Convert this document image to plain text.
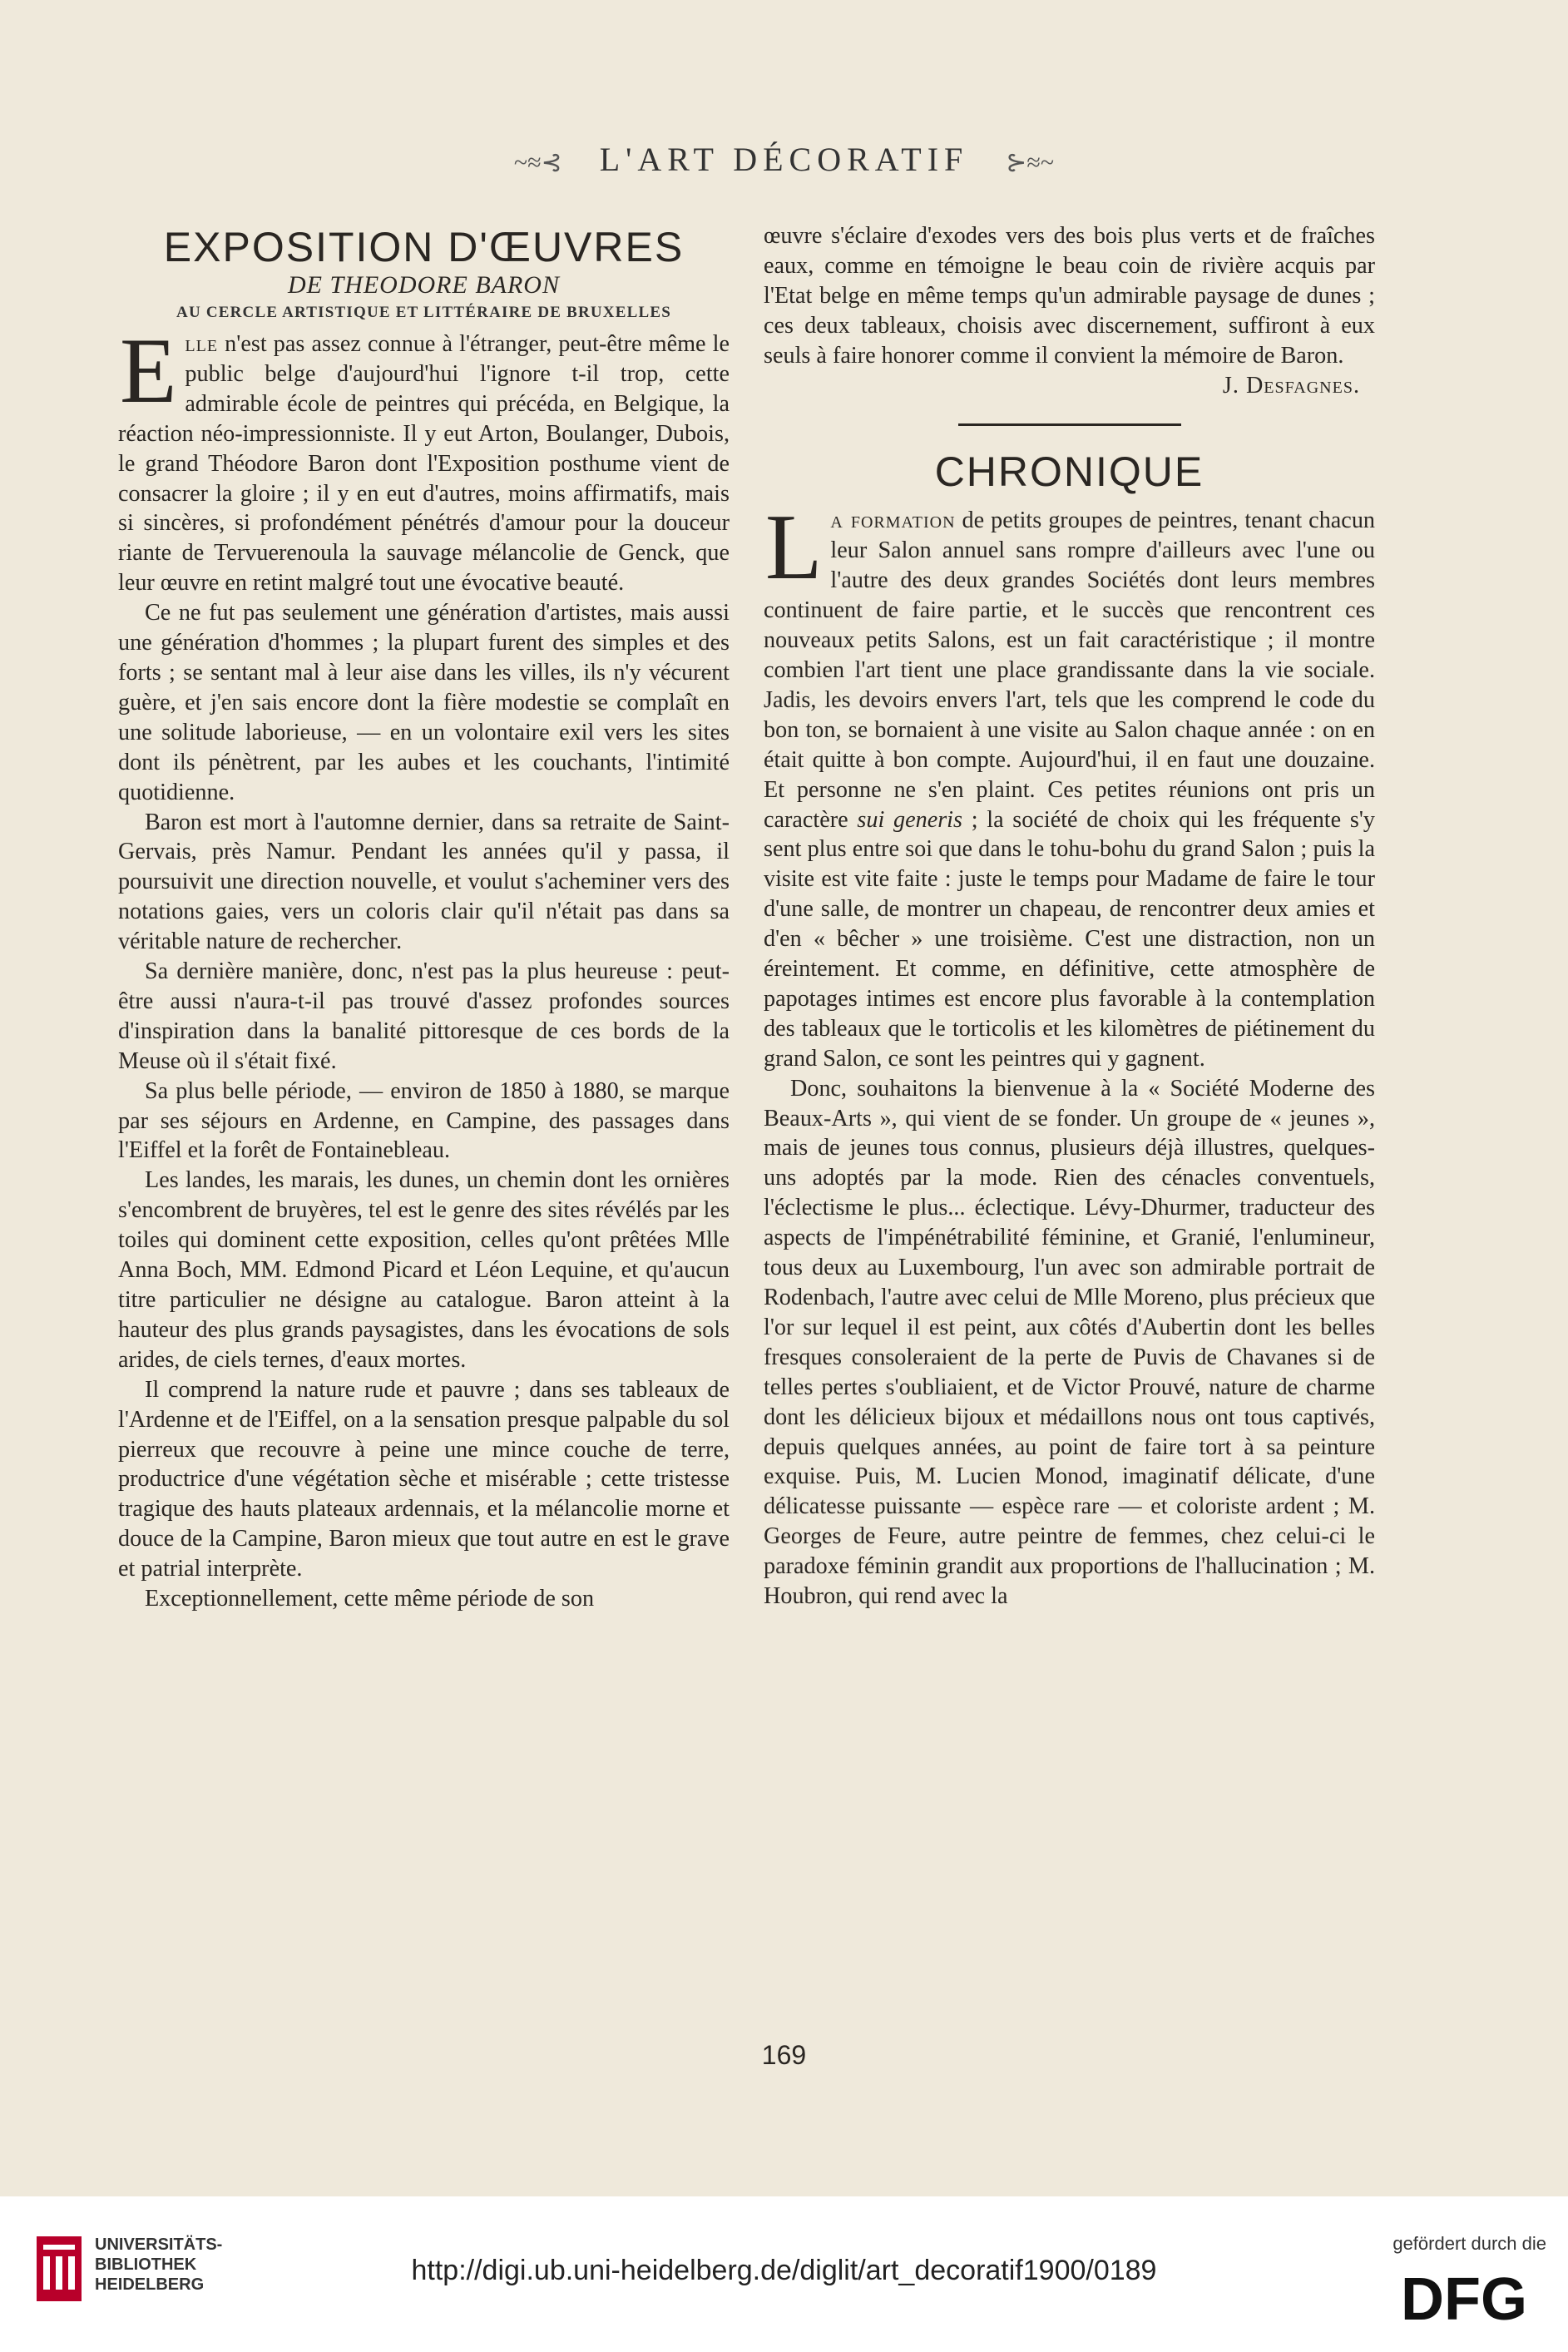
~≈⊰ L'ART DÉCORATIF ⊱≈~
EXPOSITION D'ŒUVRES
DE THEODORE BARON
AU CERCLE ARTISTIQUE ET LITTÉRAIRE DE BRUXELLES

Elle n'est pas assez connue à l'étranger, peut-être même le public belge d'aujourd'hui l'ignore t-il trop, cette admirable école de peintres qui précéda, en Belgique, la réaction néo-impressionniste. Il y eut Arton, Boulanger, Dubois, le grand Théodore Baron dont l'Exposition posthume vient de consacrer la gloire ; il y en eut d'autres, moins affirmatifs, mais si sincères, si profondément pénétrés d'amour pour la douceur riante de Tervuerenoula la sauvage mélancolie de Genck, que leur œuvre en retint malgré tout une évocative beauté.

Ce ne fut pas seulement une génération d'artistes, mais aussi une génération d'hommes ; la plupart furent des simples et des forts ; se sentant mal à leur aise dans les villes, ils n'y vécurent guère, et j'en sais encore dont la fière modestie se complaît en une solitude laborieuse, — en un volontaire exil vers les sites dont ils pénètrent, par les aubes et les couchants, l'intimité quotidienne.

Baron est mort à l'automne dernier, dans sa retraite de Saint-Gervais, près Namur. Pendant les années qu'il y passa, il poursuivit une direction nouvelle, et voulut s'acheminer vers des notations gaies, vers un coloris clair qu'il n'était pas dans sa véritable nature de rechercher.

Sa dernière manière, donc, n'est pas la plus heureuse : peut-être aussi n'aura-t-il pas trouvé d'assez profondes sources d'inspiration dans la banalité pittoresque de ces bords de la Meuse où il s'était fixé.

Sa plus belle période, — environ de 1850 à 1880, se marque par ses séjours en Ardenne, en Campine, des passages dans l'Eiffel et la forêt de Fontainebleau.

Les landes, les marais, les dunes, un chemin dont les ornières s'encombrent de bruyères, tel est le genre des sites révélés par les toiles qui dominent cette exposition, celles qu'ont prêtées Mlle Anna Boch, MM. Edmond Picard et Léon Lequine, et qu'aucun titre particulier ne désigne au catalogue. Baron atteint à la hauteur des plus grands paysagistes, dans les évocations de sols arides, de ciels ternes, d'eaux mortes.

Il comprend la nature rude et pauvre ; dans ses tableaux de l'Ardenne et de l'Eiffel, on a la sensation presque palpable du sol pierreux que recouvre à peine une mince couche de terre, productrice d'une végétation sèche et misérable ; cette tristesse tragique des hauts plateaux ardennais, et la mélancolie morne et douce de la Campine, Baron mieux que tout autre en est le grave et patrial interprète.

Exceptionnellement, cette même période de son

œuvre s'éclaire d'exodes vers des bois plus verts et de fraîches eaux, comme en témoigne le beau coin de rivière acquis par l'Etat belge en même temps qu'un admirable paysage de dunes ; ces deux tableaux, choisis avec discernement, suffiront à eux seuls à faire honorer comme il convient la mémoire de Baron.

J. Desfagnes.

CHRONIQUE

La formation de petits groupes de peintres, tenant chacun leur Salon annuel sans rompre d'ailleurs avec l'une ou l'autre des deux grandes Sociétés dont leurs membres continuent de faire partie, et le succès que rencontrent ces nouveaux petits Salons, est un fait caractéristique ; il montre combien l'art tient une place grandissante dans la vie sociale. Jadis, les devoirs envers l'art, tels que les comprend le code du bon ton, se bornaient à une visite au Salon chaque année : on en était quitte à bon compte. Aujourd'hui, il en faut une douzaine. Et personne ne s'en plaint. Ces petites réunions ont pris un caractère sui generis ; la société de choix qui les fréquente s'y sent plus entre soi que dans le tohu-bohu du grand Salon ; puis la visite est vite faite : juste le temps pour Madame de faire le tour d'une salle, de montrer un chapeau, de rencontrer deux amies et d'en « bêcher » une troisième. C'est une distraction, non un éreintement. Et comme, en définitive, cette atmosphère de papotages intimes est encore plus favorable à la contemplation des tableaux que le torticolis et les kilomètres de piétinement du grand Salon, ce sont les peintres qui y gagnent.

Donc, souhaitons la bienvenue à la « Société Moderne des Beaux-Arts », qui vient de se fonder. Un groupe de « jeunes », mais de jeunes tous connus, plusieurs déjà illustres, quelques-uns adoptés par la mode. Rien des cénacles conventuels, l'éclectisme le plus... éclectique. Lévy-Dhurmer, traducteur des aspects de l'impénétrabilité féminine, et Granié, l'enlumineur, tous deux au Luxembourg, l'un avec son admirable portrait de Rodenbach, l'autre avec celui de Mlle Moreno, plus précieux que l'or sur lequel il est peint, aux côtés d'Aubertin dont les belles fresques consoleraient de la perte de Puvis de Chavanes si de telles pertes s'oubliaient, et de Victor Prouvé, nature de charme dont les délicieux bijoux et médaillons nous ont tous captivés, depuis quelques années, au point de faire tort à sa peinture exquise. Puis, M. Lucien Monod, imaginatif délicate, d'une délicatesse puissante — espèce rare — et coloriste ardent ; M. Georges de Feure, autre peintre de femmes, chez celui-ci le paradoxe féminin grandit aux proportions de l'hallucination ; M. Houbron, qui rend avec la

169
UNIVERSITÄTS-
BIBLIOTHEK
HEIDELBERG	http://digi.ub.uni-heidelberg.de/diglit/art_decoratif1900/0189
gefördert durch die
DFG
